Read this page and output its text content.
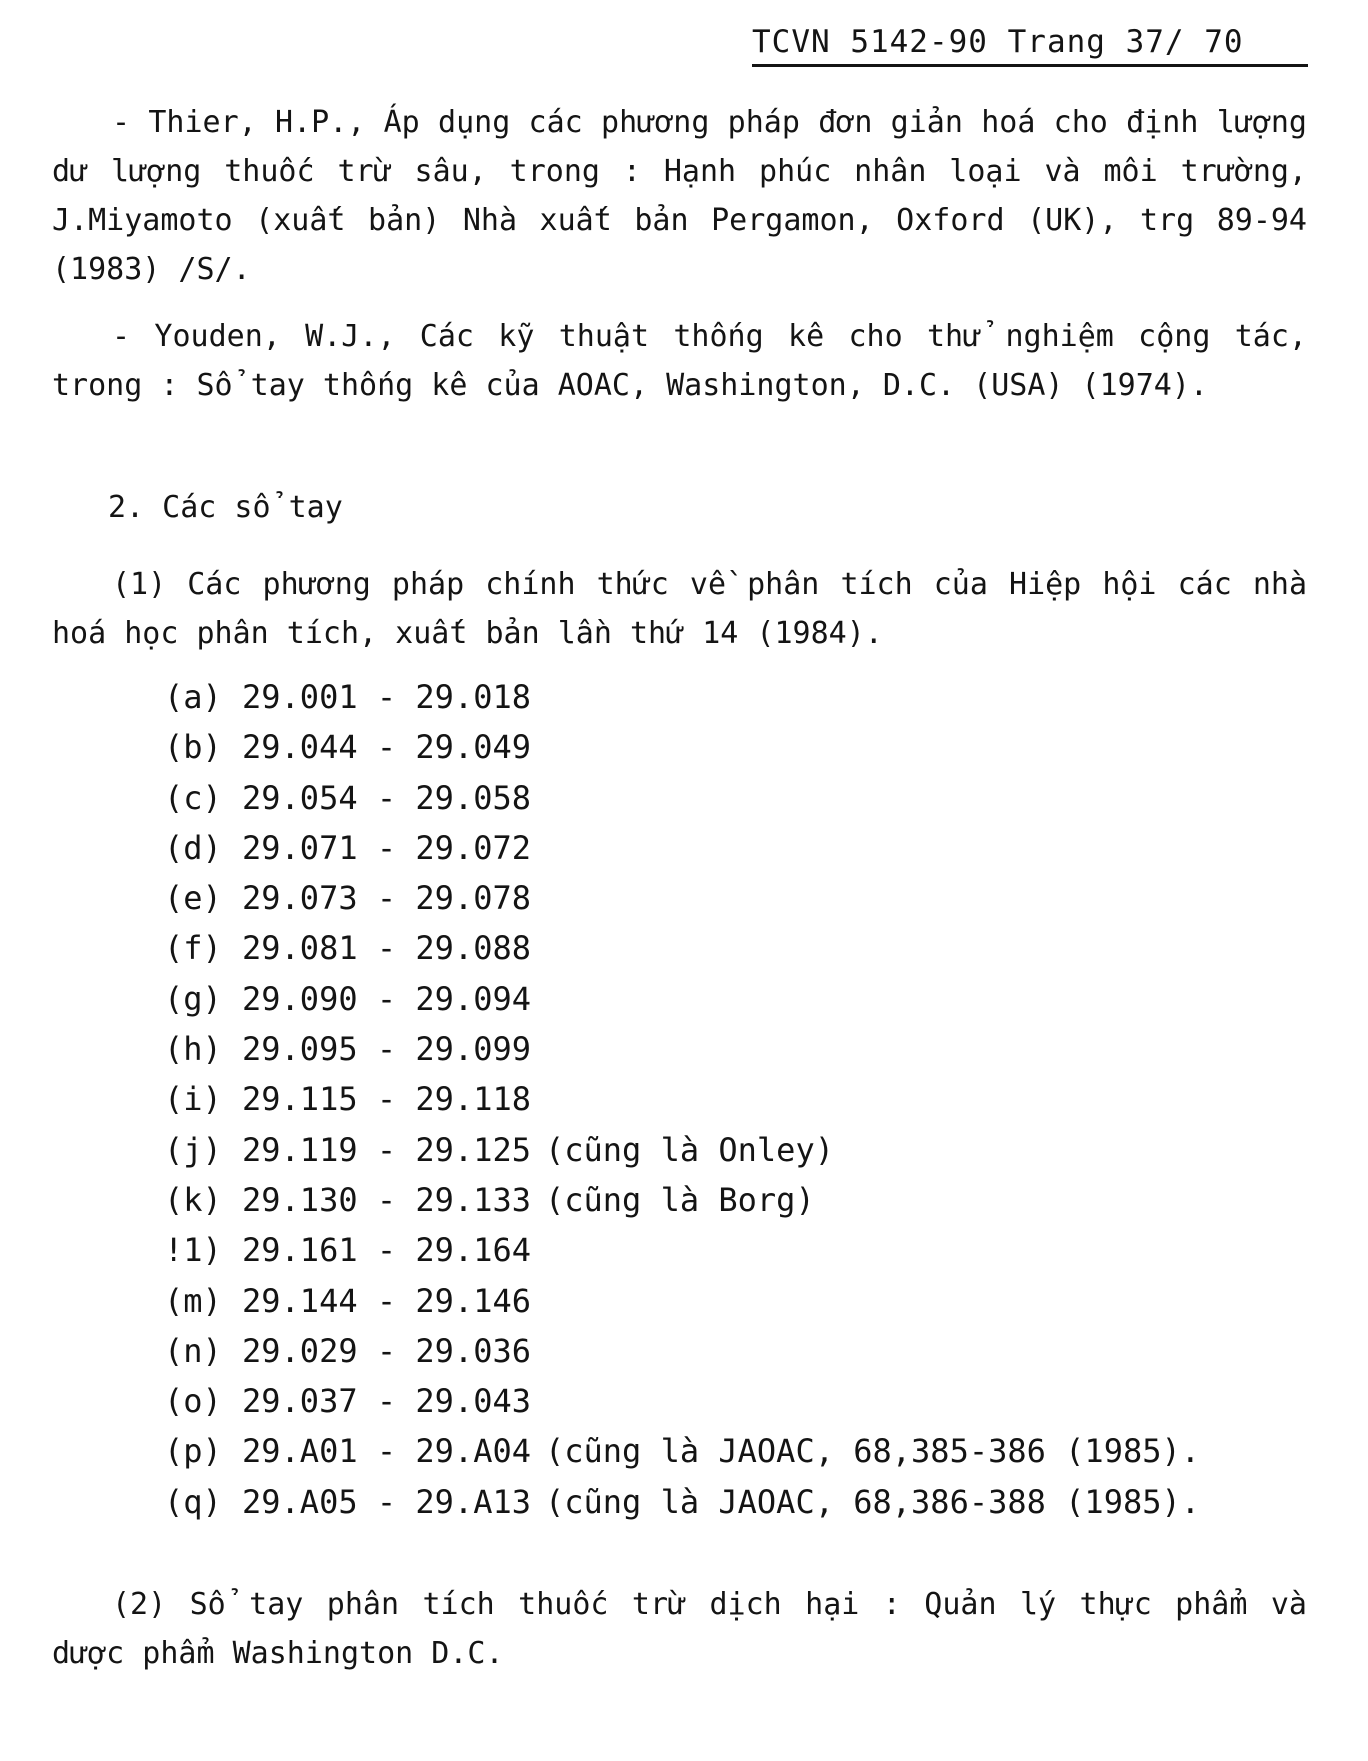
TCVN 5142-90 Trang 37/ 70

- Thier, H.P., Áp dụng các phương pháp đơn giản hoá cho định lượng dư lượng thuốc trừ sâu, trong : Hạnh phúc nhân loại và môi trường, J.Miyamoto (xuất bản) Nhà xuất bản Pergamon, Oxford (UK), trg 89-94 (1983) /S/.

- Youden, W.J., Các kỹ thuật thống kê cho thử nghiệm cộng tác, trong : Sổ tay thống kê của AOAC, Washington, D.C. (USA) (1974).

2. Các sổ tay

(1) Các phương pháp chính thức về phân tích của Hiệp hội các nhà hoá học phân tích, xuất bản lần thứ 14 (1984).

(a) 29.001 - 29.018
(b) 29.044 - 29.049
(c) 29.054 - 29.058
(d) 29.071 - 29.072
(e) 29.073 - 29.078
(f) 29.081 - 29.088
(g) 29.090 - 29.094
(h) 29.095 - 29.099
(i) 29.115 - 29.118
(j) 29.119 - 29.125 (cũng là Onley)
(k) 29.130 - 29.133 (cũng là Borg)
!1) 29.161 - 29.164
(m) 29.144 - 29.146
(n) 29.029 - 29.036
(o) 29.037 - 29.043
(p) 29.A01 - 29.A04 (cũng là JAOAC, 68,385-386 (1985).
(q) 29.A05 - 29.A13 (cũng là JAOAC, 68,386-388 (1985).

(2) Sổ tay phân tích thuốc trừ dịch hại : Quản lý thực phẩm và dược phẩm Washington D.C.
